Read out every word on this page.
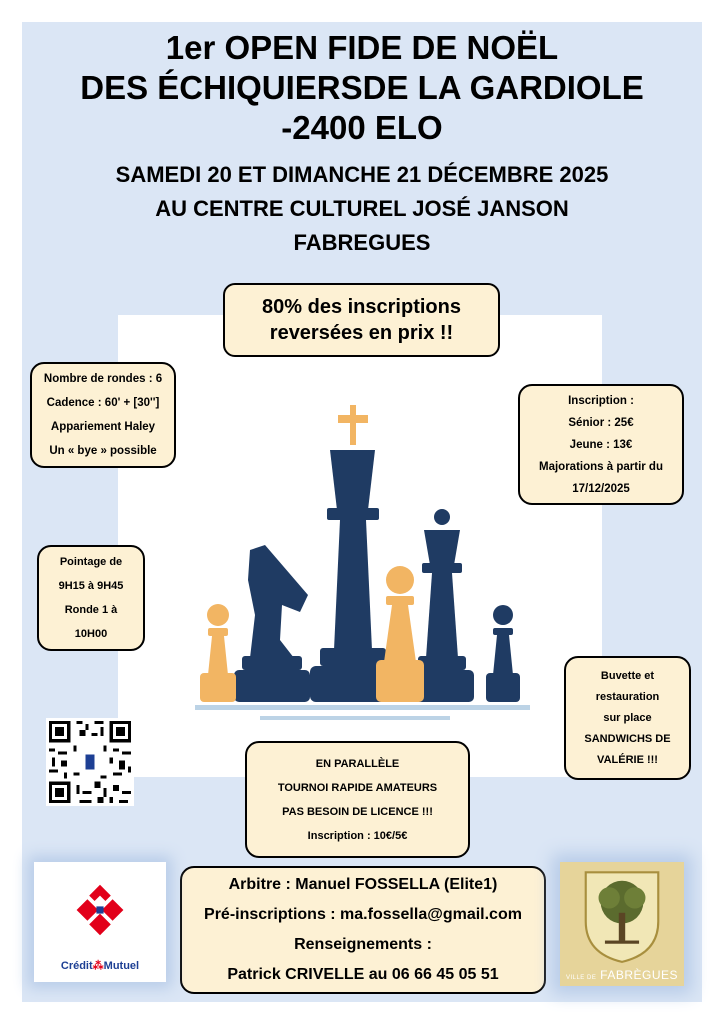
1er OPEN FIDE DE NOËL
DES ÉCHIQUIERSDE LA GARDIOLE
-2400 ELO
SAMEDI 20 ET DIMANCHE 21 DÉCEMBRE 2025
AU CENTRE CULTUREL JOSÉ JANSON
FABREGUES
80% des inscriptions
reversées en prix !!
Nombre de rondes : 6
Cadence : 60' + [30'']
Appariement Haley
Un « bye » possible
Inscription :
Sénior : 25€
Jeune : 13€
Majorations à partir du
17/12/2025
Pointage de
9H15 à 9H45
Ronde 1 à
10H00
Buvette et
restauration
sur place
SANDWICHS DE
VALÉRIE !!!
EN PARALLÈLE
TOURNOI RAPIDE AMATEURS
PAS BESOIN DE LICENCE !!!
Inscription : 10€/5€
Arbitre : Manuel FOSSELLA (Elite1)
Pré-inscriptions : ma.fossella@gmail.com
Renseignements :
Patrick CRIVELLE au 06 66 45 05 51
Crédit⁂Mutuel
VILLE DE FABRÈGUES
